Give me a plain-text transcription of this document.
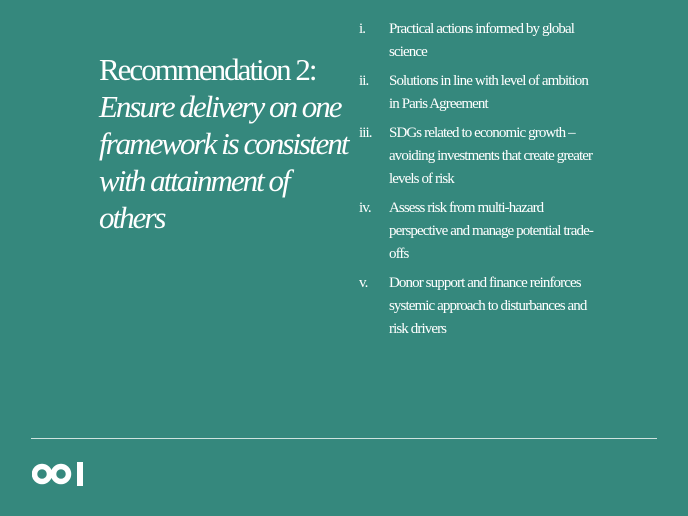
Recommendation 2:
Ensure delivery on one framework is consistent with attainment of others
i.	Practical actions informed by global science
ii.	Solutions in line with level of ambition in Paris Agreement
iii.	SDGs related to economic growth – avoiding investments that create greater levels of risk
iv.	Assess risk from multi-hazard perspective and manage potential trade-offs
v.	Donor support and finance reinforces systemic approach to disturbances and risk drivers
